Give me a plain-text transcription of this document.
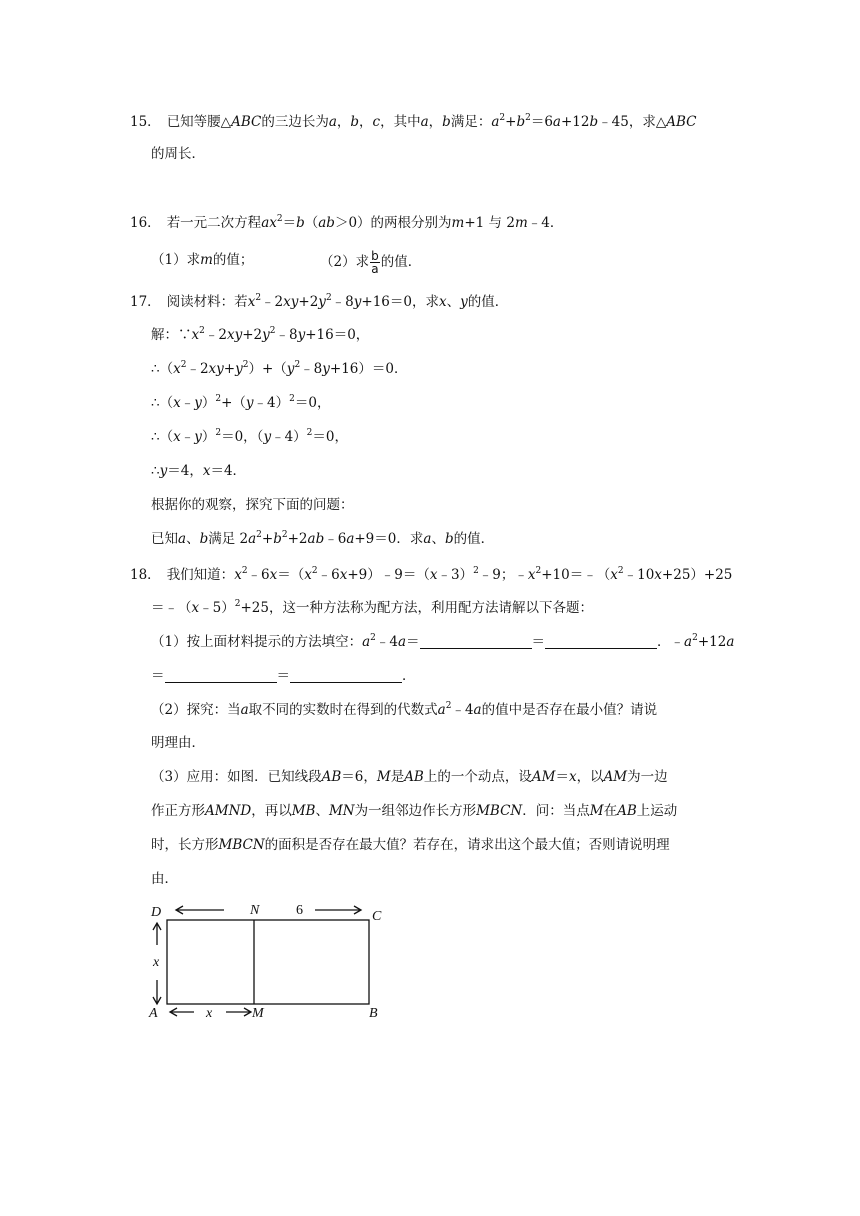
15． 已知等腰△ABC的三边长为a，b，c，其中a，b满足：$a^2+b^2=6a+12b﹣45$，求△ABC
的周长．
16． 若一元二次方程$ax^2=b(ab>0)$的两根分别为m+1 与 2m﹣4．
（1）求m的值；	（2）求 $\frac{b}{a}$ 的值．
17． 阅读材料：若$x^2﹣2xy+2y^2﹣8y+16=0$，求x、y的值．
解：$\because x^2﹣2xy+2y^2﹣8y+16=0$，
$\therefore(x^2﹣2xy+y^2)+(y^2﹣8y+16)=0$．
∴（x﹣y）$^2$+（y﹣4）$^2$＝0，
∴（x﹣y）$^2$＝0，（y﹣4）$^2$＝0，
∴y＝4，x＝4．
根据你的观察，探究下面的问题：
已知a、b满足 $2a^2+b^2+2ab﹣6a+9=0$．求a、b的值．
18． 我们知道：$x^2﹣6x=(x^2﹣6x+9)﹣9=(x﹣3)^2﹣9$；$﹣x^2+10=﹣(x^2﹣10x+25)+25$
＝﹣（x﹣5）$^2$+25，这一种方法称为配方法，利用配方法请解以下各题：
（1）按上面材料提示的方法填空：$a^2﹣4a=$	＝	．$﹣a^2+12a$
＝	＝	．
（2）探究：当a取不同的实数时在得到的代数式$a^2﹣4a$的值中是否存在最小值？请说
明理由．
（3）应用：如图．已知线段AB＝6，M是AB上的一个动点，设AM＝x，以AM为一边
作正方形AMND，再以MB、MN为一组邻边作长方形MBCN．问：当点M在AB上运动
时，长方形MBCN的面积是否存在最大值？若存在，请求出这个最大值；否则请说明理
由．
D	N	C
A	M	B
x
x
6
